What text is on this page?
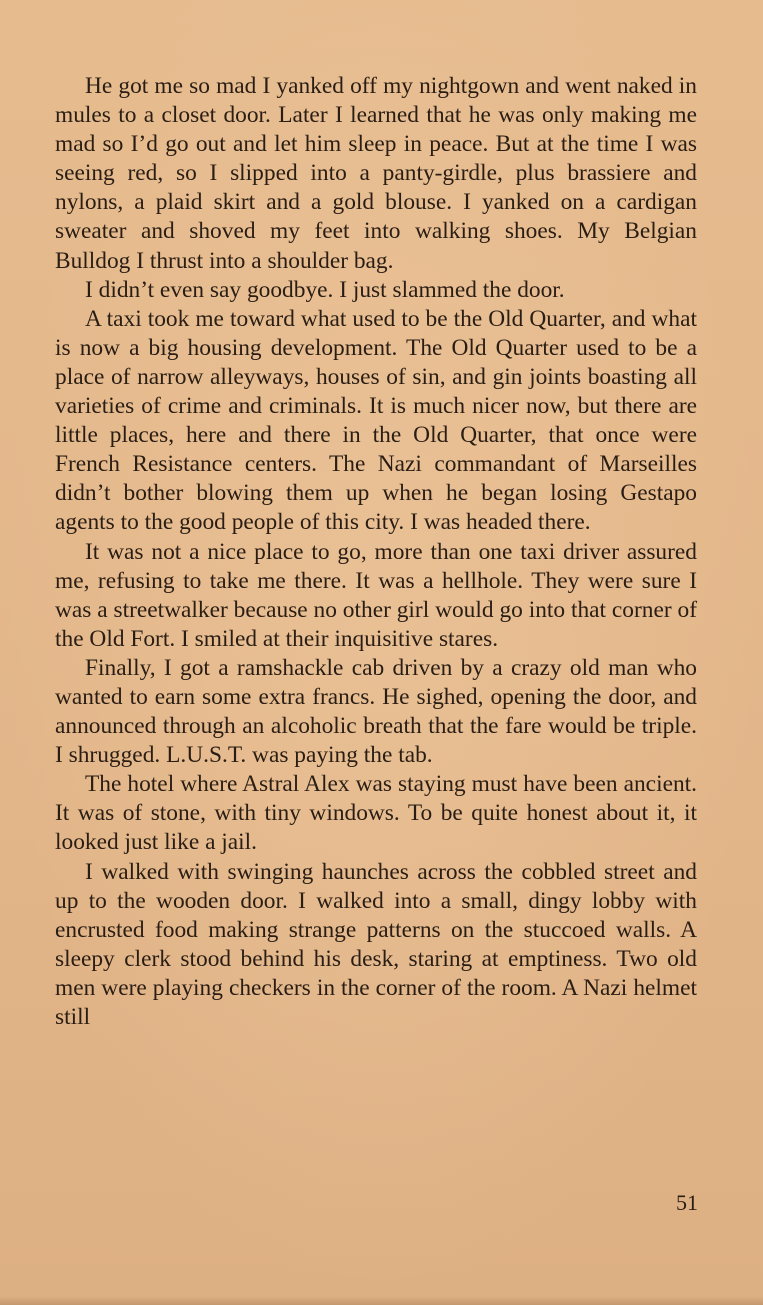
He got me so mad I yanked off my nightgown and went naked in mules to a closet door. Later I learned that he was only making me mad so I’d go out and let him sleep in peace. But at the time I was seeing red, so I slipped into a panty-girdle, plus brassiere and nylons, a plaid skirt and a gold blouse. I yanked on a cardigan sweater and shoved my feet into walking shoes. My Belgian Bulldog I thrust into a shoulder bag.

I didn’t even say goodbye. I just slammed the door.

A taxi took me toward what used to be the Old Quarter, and what is now a big housing development. The Old Quarter used to be a place of narrow alleyways, houses of sin, and gin joints boasting all varieties of crime and criminals. It is much nicer now, but there are little places, here and there in the Old Quarter, that once were French Resistance centers. The Nazi commandant of Marseilles didn’t bother blowing them up when he began losing Gestapo agents to the good people of this city. I was headed there.

It was not a nice place to go, more than one taxi driver assured me, refusing to take me there. It was a hellhole. They were sure I was a streetwalker because no other girl would go into that corner of the Old Fort. I smiled at their inquisitive stares.

Finally, I got a ramshackle cab driven by a crazy old man who wanted to earn some extra francs. He sighed, opening the door, and announced through an alcoholic breath that the fare would be triple. I shrugged. L.U.S.T. was paying the tab.

The hotel where Astral Alex was staying must have been ancient. It was of stone, with tiny windows. To be quite honest about it, it looked just like a jail.

I walked with swinging haunches across the cobbled street and up to the wooden door. I walked into a small, dingy lobby with encrusted food making strange patterns on the stuccoed walls. A sleepy clerk stood behind his desk, staring at emptiness. Two old men were playing checkers in the corner of the room. A Nazi helmet still

51
